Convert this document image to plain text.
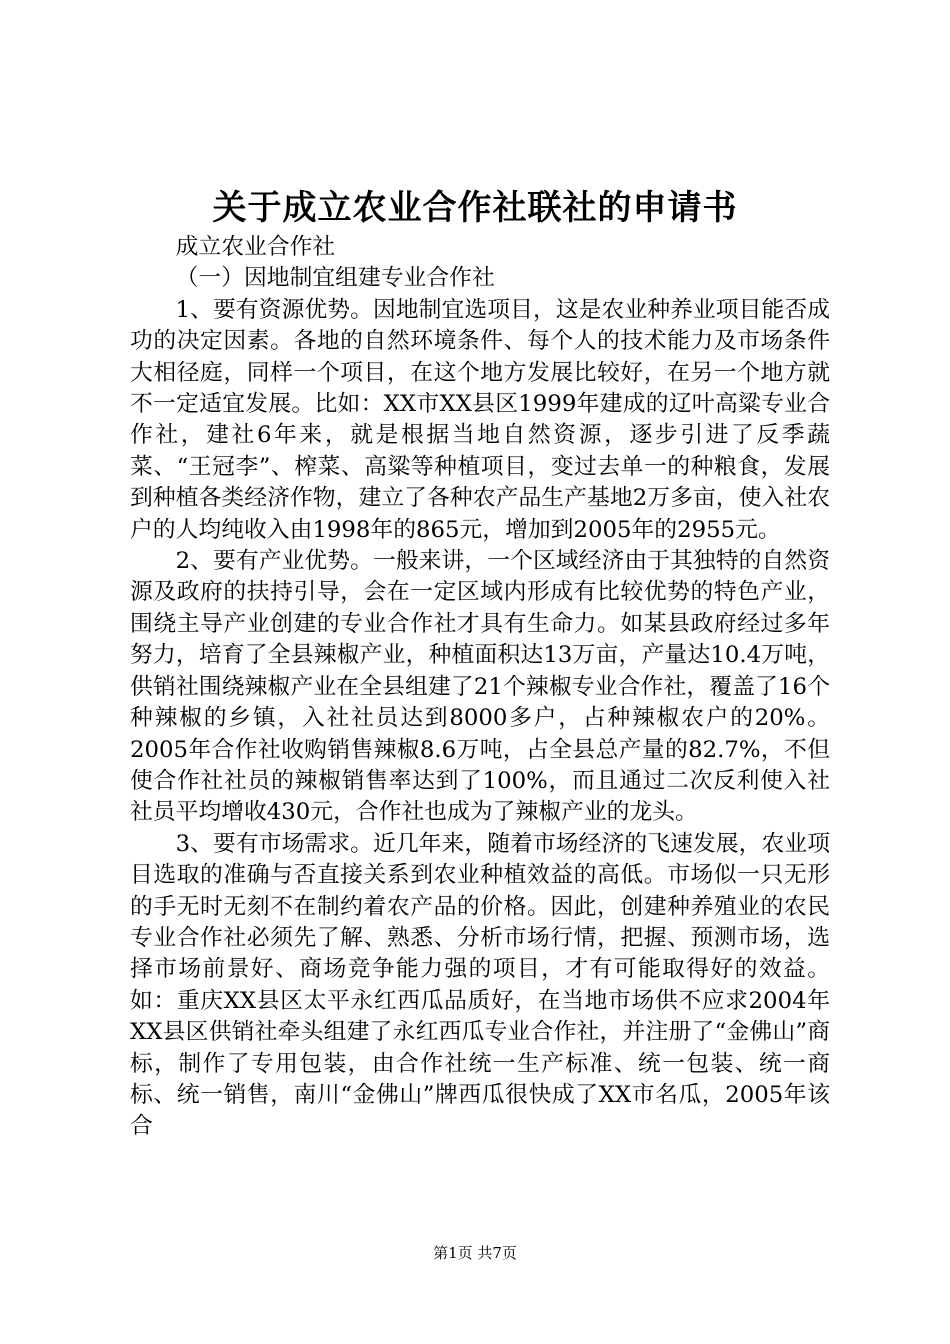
关于成立农业合作社联社的申请书

成立农业合作社

（一）因地制宜组建专业合作社

1、要有资源优势。因地制宜选项目，这是农业种养业项目能否成功的决定因素。各地的自然环境条件、每个人的技术能力及市场条件大相径庭，同样一个项目，在这个地方发展比较好，在另一个地方就不一定适宜发展。比如：XX市XX县区1999年建成的辽叶高粱专业合作社，建社6年来，就是根据当地自然资源，逐步引进了反季蔬菜、“王冠李”、榨菜、高粱等种植项目，变过去单一的种粮食，发展到种植各类经济作物，建立了各种农产品生产基地2万多亩，使入社农户的人均纯收入由1998年的865元，增加到2005年的2955元。

2、要有产业优势。一般来讲，一个区域经济由于其独特的自然资源及政府的扶持引导，会在一定区域内形成有比较优势的特色产业，围绕主导产业创建的专业合作社才具有生命力。如某县政府经过多年努力，培育了全县辣椒产业，种植面积达13万亩，产量达10.4万吨，供销社围绕辣椒产业在全县组建了21个辣椒专业合作社，覆盖了16个种辣椒的乡镇，入社社员达到8000多户，占种辣椒农户的20%。2005年合作社收购销售辣椒8.6万吨，占全县总产量的82.7%，不但使合作社社员的辣椒销售率达到了100%，而且通过二次反利使入社社员平均增收430元，合作社也成为了辣椒产业的龙头。

3、要有市场需求。近几年来，随着市场经济的飞速发展，农业项目选取的准确与否直接关系到农业种植效益的高低。市场似一只无形的手无时无刻不在制约着农产品的价格。因此，创建种养殖业的农民专业合作社必须先了解、熟悉、分析市场行情，把握、预测市场，选择市场前景好、商场竞争能力强的项目，才有可能取得好的效益。如：重庆XX县区太平永红西瓜品质好，在当地市场供不应求2004年XX县区供销社牵头组建了永红西瓜专业合作社，并注册了“金佛山”商标，制作了专用包装，由合作社统一生产标准、统一包装、统一商标、统一销售，南川“金佛山”牌西瓜很快成了XX市名瓜，2005年该合

第1页 共7页
